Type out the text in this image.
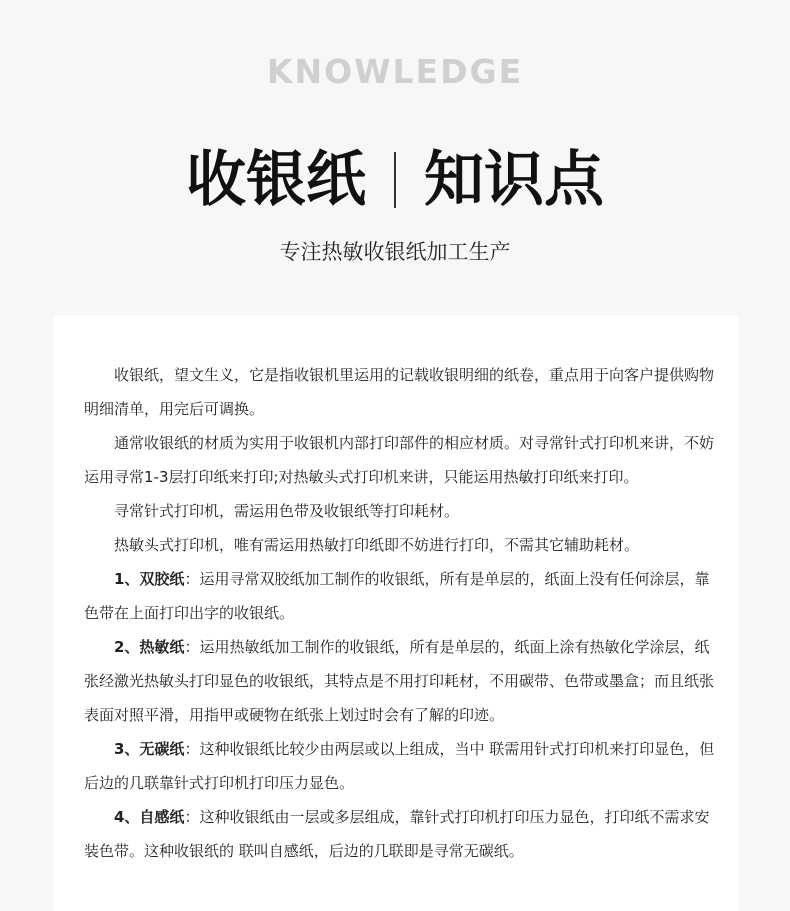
KNOWLEDGE
收银纸 知识点
专注热敏收银纸加工生产

收银纸，望文生义，它是指收银机里运用的记载收银明细的纸卷，重点用于向客户提供购物明细清单，用完后可调换。

通常收银纸的材质为实用于收银机内部打印部件的相应材质。对寻常针式打印机来讲，不妨运用寻常1-3层打印纸来打印;对热敏头式打印机来讲，只能运用热敏打印纸来打印。

寻常针式打印机，需运用色带及收银纸等打印耗材。

热敏头式打印机，唯有需运用热敏打印纸即不妨进行打印，不需其它辅助耗材。

1、双胶纸：运用寻常双胶纸加工制作的收银纸，所有是单层的，纸面上没有任何涂层，靠色带在上面打印出字的收银纸。

2、热敏纸：运用热敏纸加工制作的收银纸，所有是单层的，纸面上涂有热敏化学涂层，纸张经激光热敏头打印显色的收银纸，其特点是不用打印耗材，不用碳带、色带或墨盒；而且纸张表面对照平滑，用指甲或硬物在纸张上划过时会有了解的印迹。

3、无碳纸：这种收银纸比较少由两层或以上组成，当中 联需用针式打印机来打印显色，但后边的几联靠针式打印机打印压力显色。

4、自感纸：这种收银纸由一层或多层组成，靠针式打印机打印压力显色，打印纸不需求安装色带。这种收银纸的 联叫自感纸，后边的几联即是寻常无碳纸。
